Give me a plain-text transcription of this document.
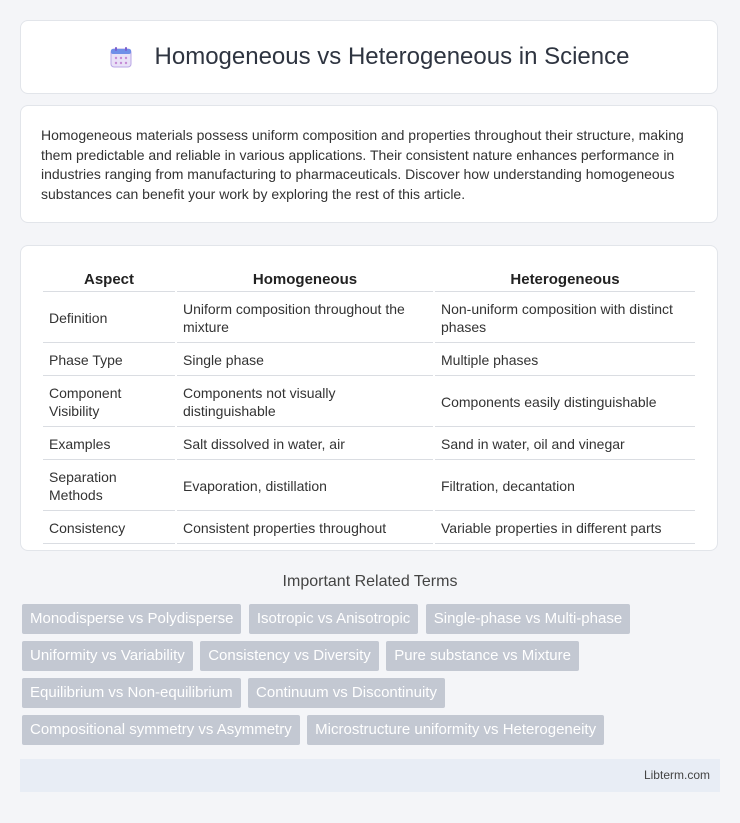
Homogeneous vs Heterogeneous in Science

Homogeneous materials possess uniform composition and properties throughout their structure, making them predictable and reliable in various applications. Their consistent nature enhances performance in industries ranging from manufacturing to pharmaceuticals. Discover how understanding homogeneous substances can benefit your work by exploring the rest of this article.

Aspect	Homogeneous	Heterogeneous
Definition	Uniform composition throughout the mixture	Non-uniform composition with distinct phases
Phase Type	Single phase	Multiple phases
Component Visibility	Components not visually distinguishable	Components easily distinguishable
Examples	Salt dissolved in water, air	Sand in water, oil and vinegar
Separation Methods	Evaporation, distillation	Filtration, decantation
Consistency	Consistent properties throughout	Variable properties in different parts
Important Related Terms
Monodisperse vs Polydisperse Isotropic vs Anisotropic Single-phase vs Multi-phase Uniformity vs Variability Consistency vs Diversity Pure substance vs Mixture Equilibrium vs Non-equilibrium Continuum vs Discontinuity Compositional symmetry vs Asymmetry Microstructure uniformity vs Heterogeneity
Libterm.com
